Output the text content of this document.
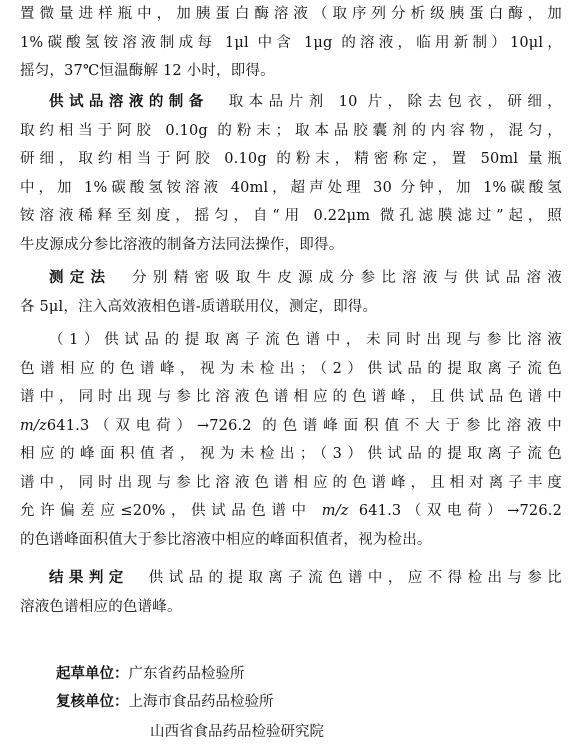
置微量进样瓶中，加胰蛋白酶溶液（取序列分析级胰蛋白酶，加
1%碳酸氢铵溶液制成每 1μl 中含 1μg 的溶液，临用新制）10μl，
摇匀，37℃恒温酶解 12 小时，即得。
供试品溶液的制备　 取本品片剂 10 片，除去包衣，研细，
取约相当于阿胶 0.10g 的粉末；取本品胶囊剂的内容物，混匀，
研细，取约相当于阿胶 0.10g 的粉末，精密称定，置 50ml 量瓶
中，加 1%碳酸氢铵溶液 40ml，超声处理 30 分钟，加 1%碳酸氢
铵溶液稀释至刻度，摇匀，自“用 0.22μm 微孔滤膜滤过”起，照
牛皮源成分参比溶液的制备方法同法操作，即得。
测定法　 分别精密吸取牛皮源成分参比溶液与供试品溶液
各 5μl，注入高效液相色谱-质谱联用仪，测定，即得。
（1）供试品的提取离子流色谱中，未同时出现与参比溶液
色谱相应的色谱峰，视为未检出；（2）供试品的提取离子流色
谱中，同时出现与参比溶液色谱相应的色谱峰，且供试品色谱中
m/z641.3（双电荷）→726.2 的色谱峰面积值不大于参比溶液中
相应的峰面积值者，视为未检出；（3）供试品的提取离子流色
谱中，同时出现与参比溶液色谱相应的色谱峰，且相对离子丰度
允许偏差应≤20%，供试品色谱中 m/z 641.3（双电荷）→726.2
的色谱峰面积值大于参比溶液中相应的峰面积值者，视为检出。
结果判定　 供试品的提取离子流色谱中，应不得检出与参比
溶液色谱相应的色谱峰。
起草单位：广东省药品检验所
复核单位：上海市食品药品检验所
山西省食品药品检验研究院
